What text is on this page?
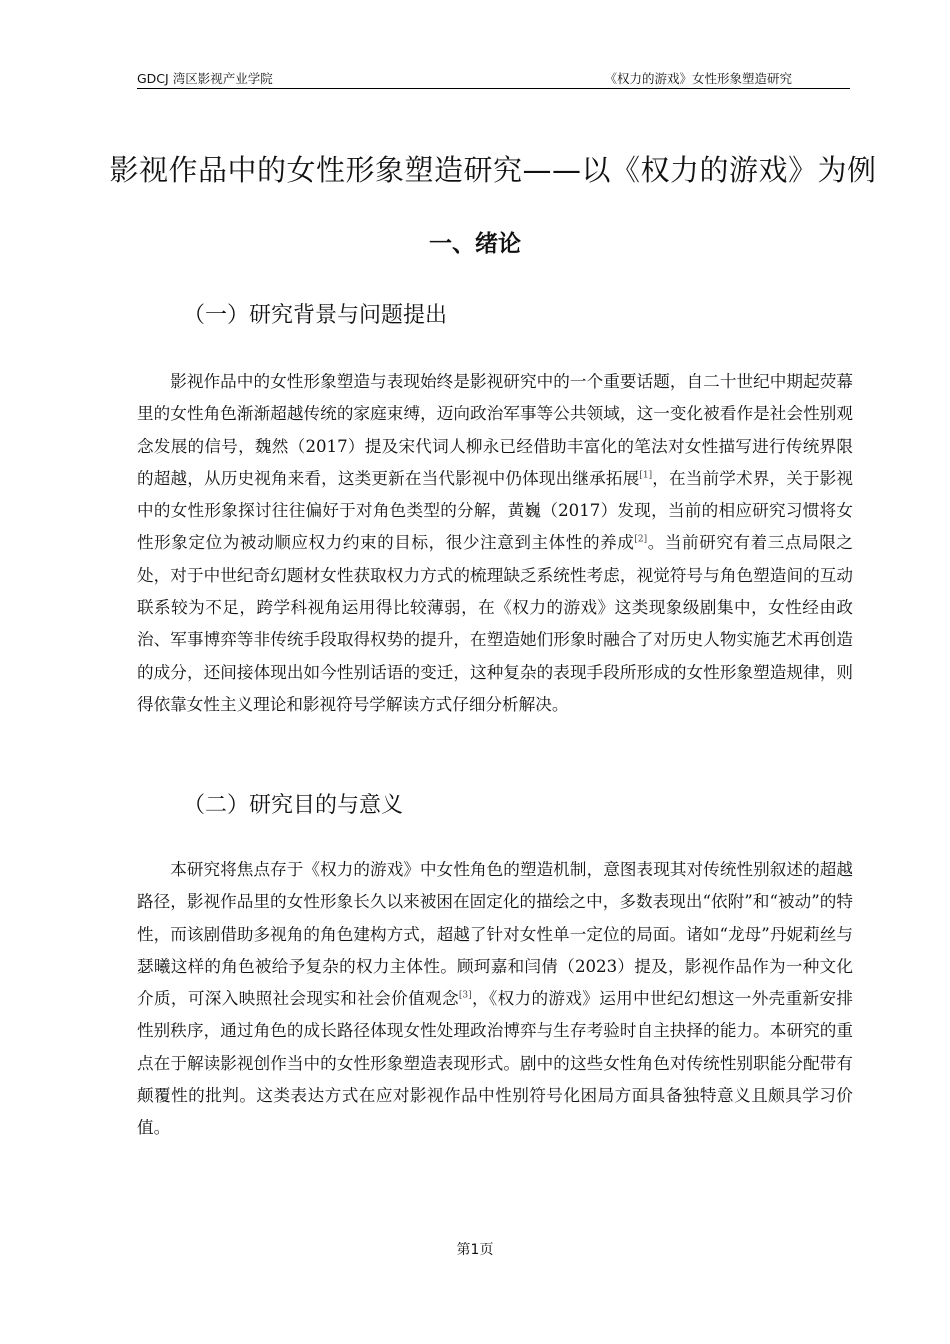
GDCJ 湾区影视产业学院	《权力的游戏》女性形象塑造研究
影视作品中的女性形象塑造研究——以《权力的游戏》为例
一、绪论
（一）研究背景与问题提出

影视作品中的女性形象塑造与表现始终是影视研究中的一个重要话题，自二十世纪中期起荧幕里的女性角色渐渐超越传统的家庭束缚，迈向政治军事等公共领域，这一变化被看作是社会性别观念发展的信号，魏然（2017）提及宋代词人柳永已经借助丰富化的笔法对女性描写进行传统界限的超越，从历史视角来看，这类更新在当代影视中仍体现出继承拓展[1]，在当前学术界，关于影视中的女性形象探讨往往偏好于对角色类型的分解，黄巍（2017）发现，当前的相应研究习惯将女性形象定位为被动顺应权力约束的目标，很少注意到主体性的养成[2]。当前研究有着三点局限之处，对于中世纪奇幻题材女性获取权力方式的梳理缺乏系统性考虑，视觉符号与角色塑造间的互动联系较为不足，跨学科视角运用得比较薄弱，在《权力的游戏》这类现象级剧集中，女性经由政治、军事博弈等非传统手段取得权势的提升，在塑造她们形象时融合了对历史人物实施艺术再创造的成分，还间接体现出如今性别话语的变迁，这种复杂的表现手段所形成的女性形象塑造规律，则得依靠女性主义理论和影视符号学解读方式仔细分析解决。

（二）研究目的与意义

本研究将焦点存于《权力的游戏》中女性角色的塑造机制，意图表现其对传统性别叙述的超越路径，影视作品里的女性形象长久以来被困在固定化的描绘之中，多数表现出“依附”和“被动”的特性，而该剧借助多视角的角色建构方式，超越了针对女性单一定位的局面。诸如“龙母”丹妮莉丝与瑟曦这样的角色被给予复杂的权力主体性。顾珂嘉和闫倩（2023）提及，影视作品作为一种文化介质，可深入映照社会现实和社会价值观念[3]，《权力的游戏》运用中世纪幻想这一外壳重新安排性别秩序，通过角色的成长路径体现女性处理政治博弈与生存考验时自主抉择的能力。本研究的重点在于解读影视创作当中的女性形象塑造表现形式。剧中的这些女性角色对传统性别职能分配带有颠覆性的批判。这类表达方式在应对影视作品中性别符号化困局方面具备独特意义且颇具学习价值。

第1页
